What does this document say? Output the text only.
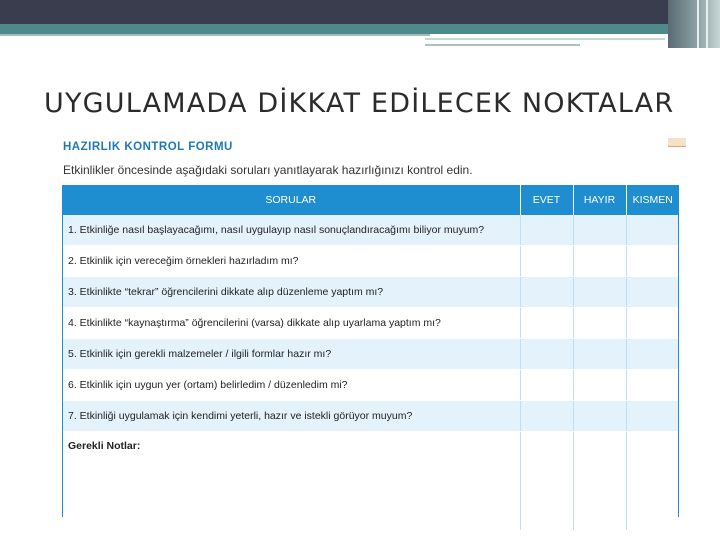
UYGULAMADA DİKKAT EDİLECEK NOKTALAR
HAZIRLIK KONTROL FORMU
Etkinlikler öncesinde aşağıdaki soruları yanıtlayarak hazırlığınızı kontrol edin.
SORULAR	EVET	HAYIR	KISMEN
1. Etkinliğe nasıl başlayacağımı, nasıl uygulayıp nasıl sonuçlandıracağımı biliyor muyum?			
2. Etkinlik için vereceğim örnekleri hazırladım mı?			
3. Etkinlikte “tekrar” öğrencilerini dikkate alıp düzenleme yaptım mı?			
4. Etkinlikte “kaynaştırma” öğrencilerini (varsa) dikkate alıp uyarlama yaptım mı?			
5. Etkinlik için gerekli malzemeler / ilgili formlar hazır mı?			
6. Etkinlik için uygun yer (ortam) belirledim / düzenledim mi?			
7. Etkinliği uygulamak için kendimi yeterli, hazır ve istekli görüyor muyum?			
Gerekli Notlar:			
